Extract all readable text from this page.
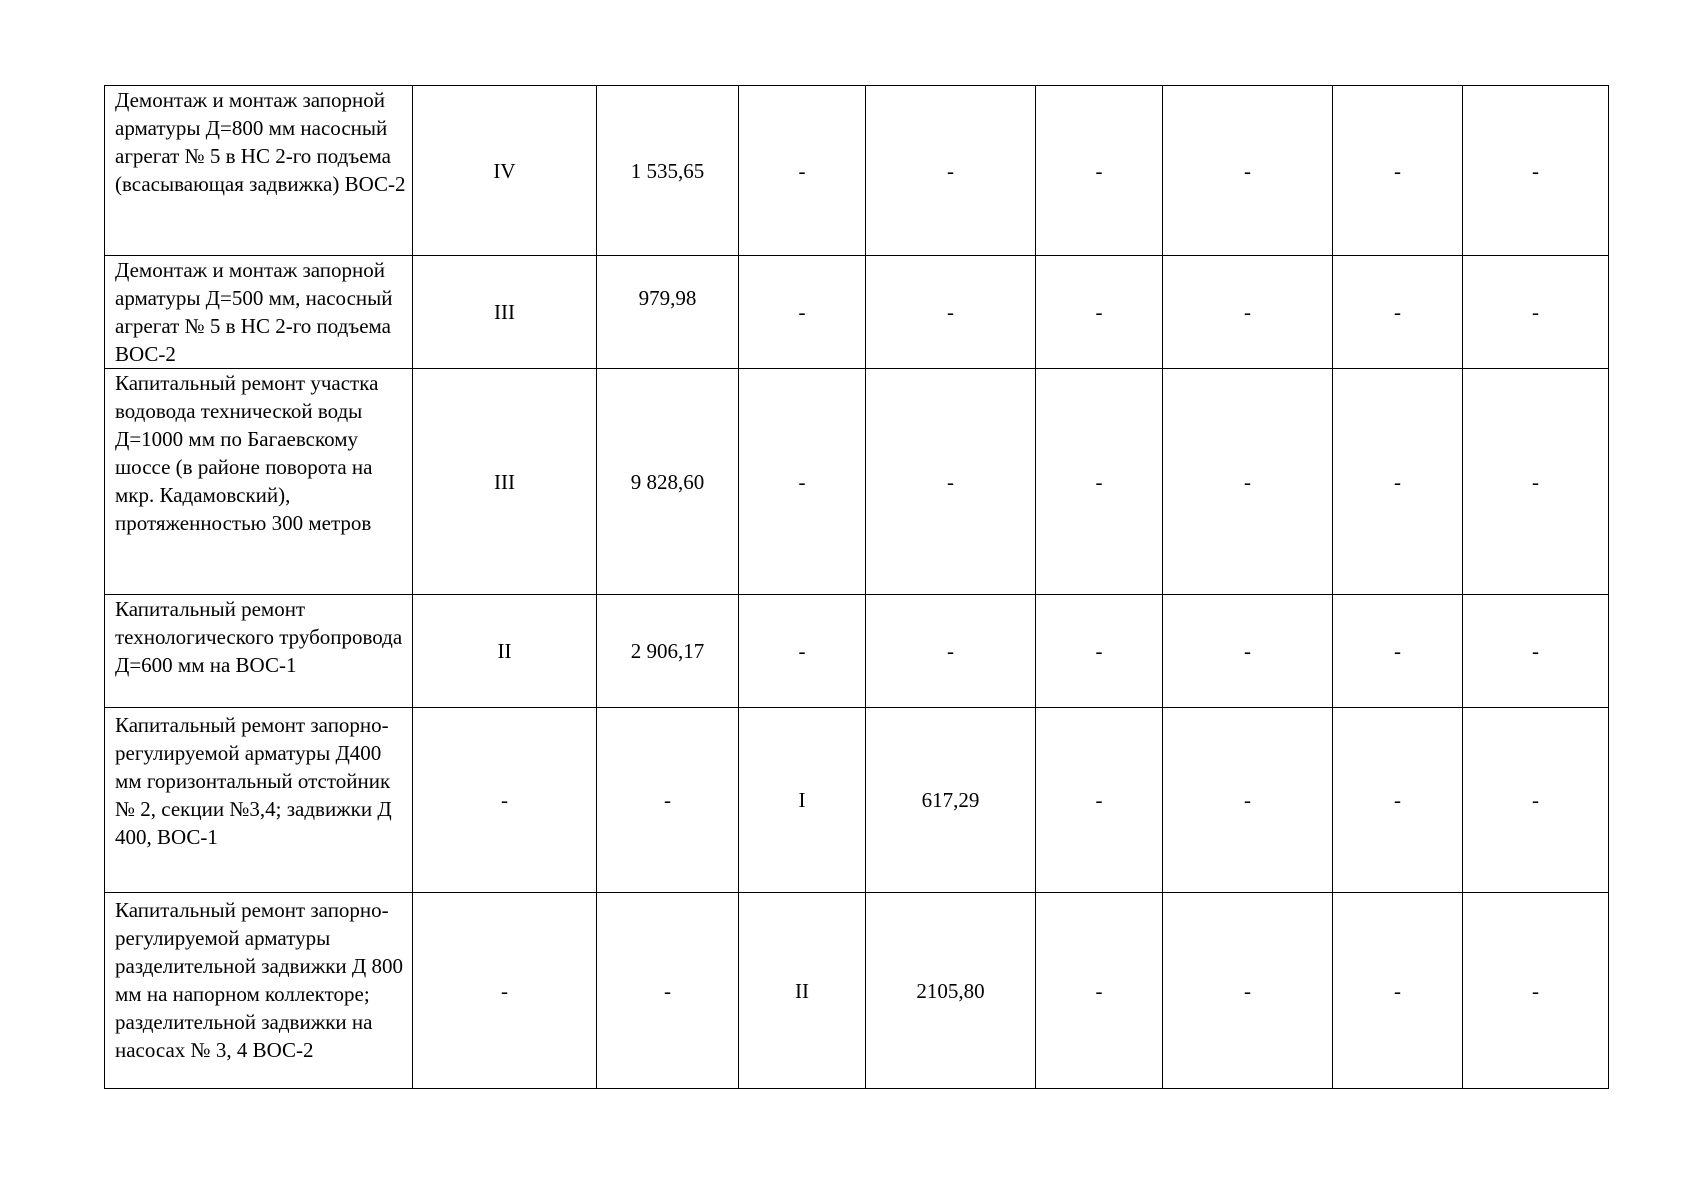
Демонтаж и монтаж запорной арматуры Д=800 мм насосный агрегат № 5 в НС 2-го подъема (всасывающая задвижка) ВОС-2	IV	1 535,65	-	-	-	-	-	-
Демонтаж и монтаж запорной арматуры Д=500 мм, насосный агрегат № 5 в НС 2-го подъема ВОС-2	III	979,98	-	-	-	-	-	-
Капитальный ремонт участка водовода технической воды Д=1000 мм по Багаевскому шоссе (в районе поворота на мкр. Кадамовский), протяженностью 300 метров	III	9 828,60	-	-	-	-	-	-
Капитальный ремонт технологического трубопровода Д=600 мм на ВОС-1	II	2 906,17	-	-	-	-	-	-
Капитальный ремонт запорно-регулируемой арматуры Д400 мм горизонтальный отстойник № 2, секции №3,4; задвижки Д 400, ВОС-1	-	-	I	617,29	-	-	-	-
Капитальный ремонт запорно-регулируемой арматуры разделительной задвижки Д 800 мм на напорном коллекторе; разделительной задвижки на насосах № 3, 4 ВОС-2	-	-	II	2105,80	-	-	-	-
